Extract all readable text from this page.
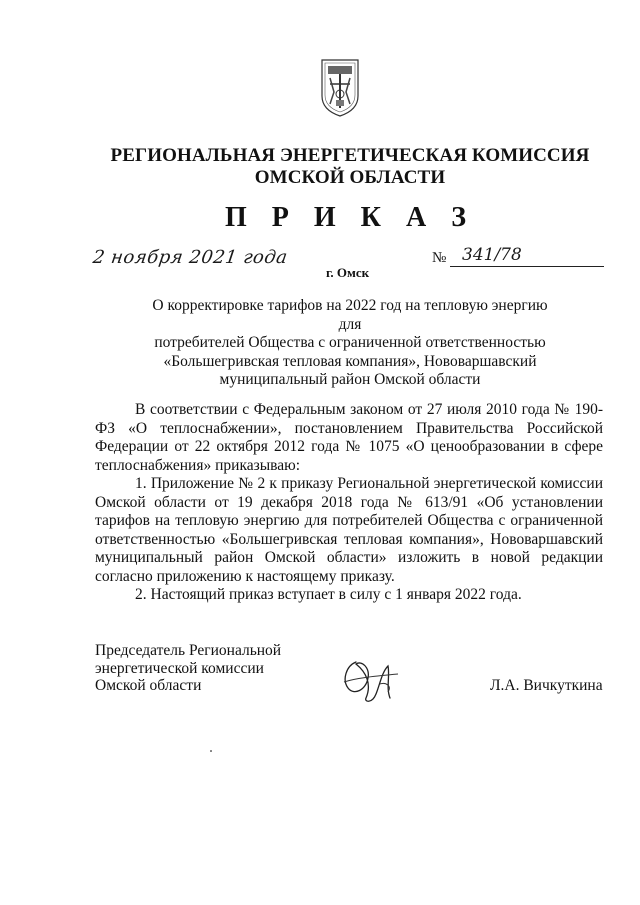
РЕГИОНАЛЬНАЯ ЭНЕРГЕТИЧЕСКАЯ КОМИССИЯ
ОМСКОЙ ОБЛАСТИ
П Р И К А З
2 ноября 2021 года	№ 341/78
г. Омск
О корректировке тарифов на 2022 год на тепловую энергию для
потребителей Общества с ограниченной ответственностью
«Большегривская тепловая компания», Нововаршавский
муниципальный район Омской области

В соответствии с Федеральным законом от 27 июля 2010 года № 190-ФЗ «О теплоснабжении», постановлением Правительства Российской Федерации от 22 октября 2012 года № 1075 «О ценообразовании в сфере теплоснабжения» приказываю:

1. Приложение № 2 к приказу Региональной энергетической комиссии Омской области от 19 декабря 2018 года № 613/91 «Об установлении тарифов на тепловую энергию для потребителей Общества с ограниченной ответственностью «Большегривская тепловая компания», Нововаршавский муниципальный район Омской области» изложить в новой редакции согласно приложению к настоящему приказу.

2. Настоящий приказ вступает в силу с 1 января 2022 года.

Председатель Региональной
энергетической комиссии
Омской области	Л.А. Вичкуткина
